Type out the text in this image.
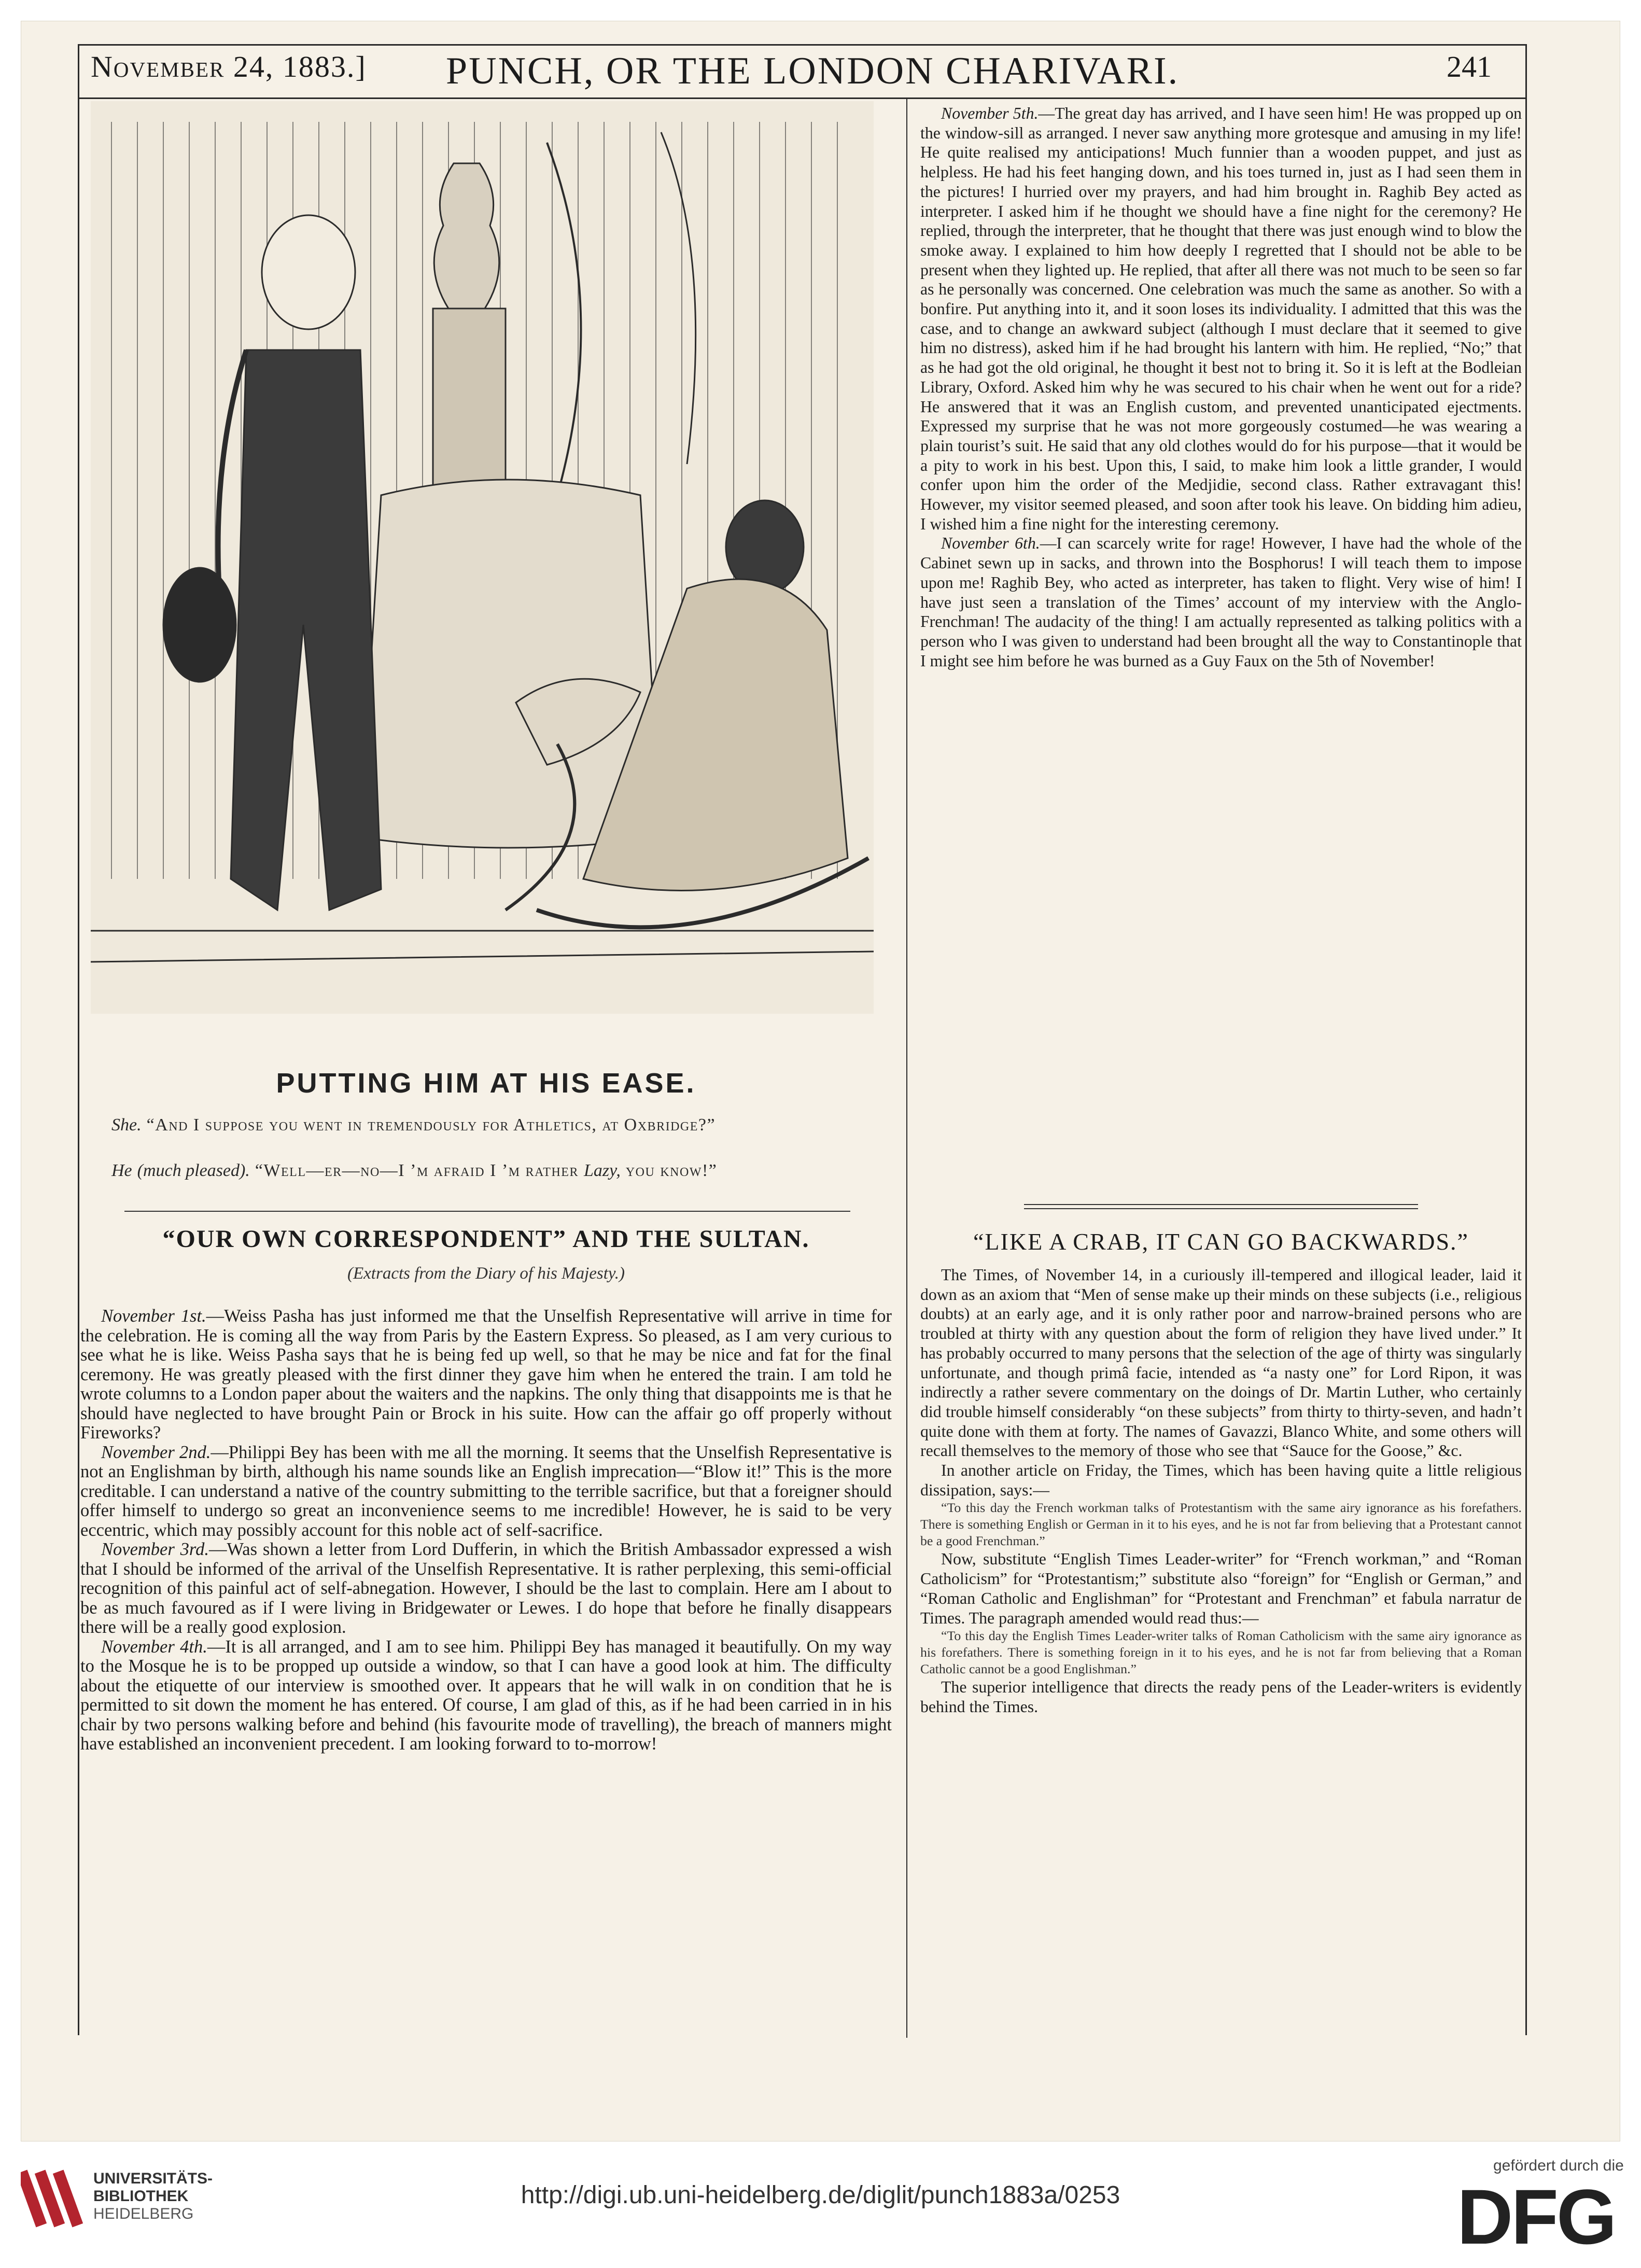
November 24, 1883.] PUNCH, OR THE LONDON CHARIVARI.	241
PUTTING HIM AT HIS EASE.
She. “And I suppose you went in tremendously for Athletics, at Oxbridge?”
He (much pleased). “Well—er—no—I ’m afraid I ’m rather Lazy, you know!”
“OUR OWN CORRESPONDENT” AND THE SULTAN.
(Extracts from the Diary of his Majesty.)

November 1st.—Weiss Pasha has just informed me that the Unselfish Representative will arrive in time for the celebration. He is coming all the way from Paris by the Eastern Express. So pleased, as I am very curious to see what he is like. Weiss Pasha says that he is being fed up well, so that he may be nice and fat for the final ceremony. He was greatly pleased with the first dinner they gave him when he entered the train. I am told he wrote columns to a London paper about the waiters and the napkins. The only thing that disappoints me is that he should have neglected to have brought Pain or Brock in his suite. How can the affair go off properly without Fireworks?

November 2nd.—Philippi Bey has been with me all the morning. It seems that the Unselfish Representative is not an Englishman by birth, although his name sounds like an English imprecation—“Blow it!” This is the more creditable. I can understand a native of the country submitting to the terrible sacrifice, but that a foreigner should offer himself to undergo so great an inconvenience seems to me incredible! However, he is said to be very eccentric, which may possibly account for this noble act of self-sacrifice.

November 3rd.—Was shown a letter from Lord Dufferin, in which the British Ambassador expressed a wish that I should be informed of the arrival of the Unselfish Representative. It is rather perplexing, this semi-official recognition of this painful act of self-abnegation. However, I should be the last to complain. Here am I about to be as much favoured as if I were living in Bridgewater or Lewes. I do hope that before he finally disappears there will be a really good explosion.

November 4th.—It is all arranged, and I am to see him. Philippi Bey has managed it beautifully. On my way to the Mosque he is to be propped up outside a window, so that I can have a good look at him. The difficulty about the etiquette of our interview is smoothed over. It appears that he will walk in on condition that he is permitted to sit down the moment he has entered. Of course, I am glad of this, as if he had been carried in in his chair by two persons walking before and behind (his favourite mode of travelling), the breach of manners might have established an inconvenient precedent. I am looking forward to to-morrow!

November 5th.—The great day has arrived, and I have seen him! He was propped up on the window-sill as arranged. I never saw anything more grotesque and amusing in my life! He quite realised my anticipations! Much funnier than a wooden puppet, and just as helpless. He had his feet hanging down, and his toes turned in, just as I had seen them in the pictures! I hurried over my prayers, and had him brought in. Raghib Bey acted as interpreter. I asked him if he thought we should have a fine night for the ceremony? He replied, through the interpreter, that he thought that there was just enough wind to blow the smoke away. I explained to him how deeply I regretted that I should not be able to be present when they lighted up. He replied, that after all there was not much to be seen so far as he personally was concerned. One celebration was much the same as another. So with a bonfire. Put anything into it, and it soon loses its individuality. I admitted that this was the case, and to change an awkward subject (although I must declare that it seemed to give him no distress), asked him if he had brought his lantern with him. He replied, “No;” that as he had got the old original, he thought it best not to bring it. So it is left at the Bodleian Library, Oxford. Asked him why he was secured to his chair when he went out for a ride? He answered that it was an English custom, and prevented unanticipated ejectments. Expressed my surprise that he was not more gorgeously costumed—he was wearing a plain tourist’s suit. He said that any old clothes would do for his purpose—that it would be a pity to work in his best. Upon this, I said, to make him look a little grander, I would confer upon him the order of the Medjidie, second class. Rather extravagant this! However, my visitor seemed pleased, and soon after took his leave. On bidding him adieu, I wished him a fine night for the interesting ceremony.

November 6th.—I can scarcely write for rage! However, I have had the whole of the Cabinet sewn up in sacks, and thrown into the Bosphorus! I will teach them to impose upon me! Raghib Bey, who acted as interpreter, has taken to flight. Very wise of him! I have just seen a translation of the Times’ account of my interview with the Anglo-Frenchman! The audacity of the thing! I am actually represented as talking politics with a person who I was given to understand had been brought all the way to Constantinople that I might see him before he was burned as a Guy Faux on the 5th of November!

“LIKE A CRAB, IT CAN GO BACKWARDS.”

The Times, of November 14, in a curiously ill-tempered and illogical leader, laid it down as an axiom that “Men of sense make up their minds on these subjects (i.e., religious doubts) at an early age, and it is only rather poor and narrow-brained persons who are troubled at thirty with any question about the form of religion they have lived under.” It has probably occurred to many persons that the selection of the age of thirty was singularly unfortunate, and though primâ facie, intended as “a nasty one” for Lord Ripon, it was indirectly a rather severe commentary on the doings of Dr. Martin Luther, who certainly did trouble himself considerably “on these subjects” from thirty to thirty-seven, and hadn’t quite done with them at forty. The names of Gavazzi, Blanco White, and some others will recall themselves to the memory of those who see that “Sauce for the Goose,” &c.

In another article on Friday, the Times, which has been having quite a little religious dissipation, says:—

“To this day the French workman talks of Protestantism with the same airy ignorance as his forefathers. There is something English or German in it to his eyes, and he is not far from believing that a Protestant cannot be a good Frenchman.”

Now, substitute “English Times Leader-writer” for “French workman,” and “Roman Catholicism” for “Protestantism;” substitute also “foreign” for “English or German,” and “Roman Catholic and Englishman” for “Protestant and Frenchman” et fabula narratur de Times. The paragraph amended would read thus:—

“To this day the English Times Leader-writer talks of Roman Catholicism with the same airy ignorance as his forefathers. There is something foreign in it to his eyes, and he is not far from believing that a Roman Catholic cannot be a good Englishman.”

The superior intelligence that directs the ready pens of the Leader-writers is evidently behind the Times.

UNIVERSITÄTS-
BIBLIOTHEK
HEIDELBERG
http://digi.ub.uni-heidelberg.de/diglit/punch1883a/0253
gefördert durch die
DFG
